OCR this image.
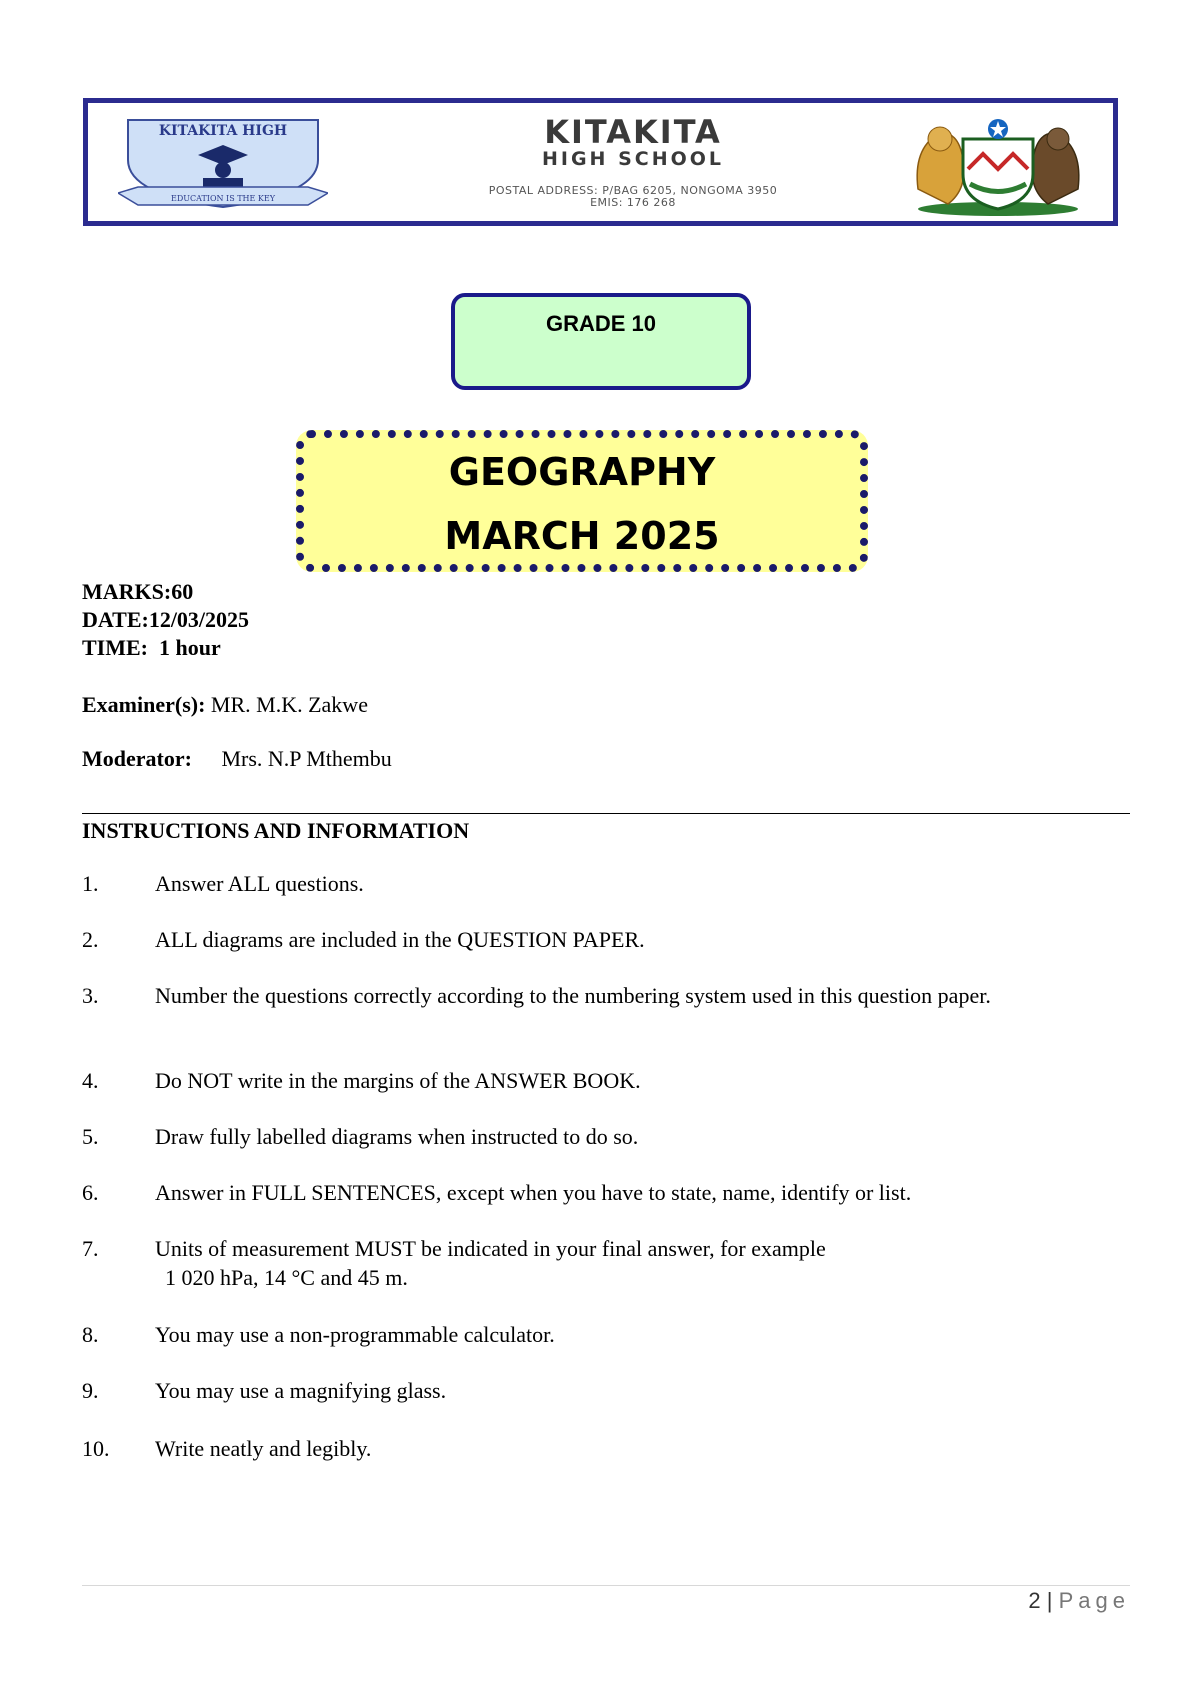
KITAKITA HIGH
EDUCATION IS THE KEY
KITAKITA
HIGH SCHOOL
POSTAL ADDRESS: P/BAG 6205, NONGOMA 3950
EMIS: 176 268
GRADE 10
GEOGRAPHY
MARCH 2025
MARKS:60
DATE:12/03/2025
TIME:  1 hour
Examiner(s): MR. M.K. Zakwe
Moderator: Mrs. N.P Mthembu
INSTRUCTIONS AND INFORMATION
1.	Answer ALL questions.
2.	ALL diagrams are included in the QUESTION PAPER.
3.	Number the questions correctly according to the numbering system used in this question paper.
4.	Do NOT write in the margins of the ANSWER BOOK.
5.	Draw fully labelled diagrams when instructed to do so.
6.	Answer in FULL SENTENCES, except when you have to state, name, identify or list.
7.	Units of measurement MUST be indicated in your final answer, for example
1 020 hPa, 14 °C and 45 m.
8.	You may use a non-programmable calculator.
9.	You may use a magnifying glass.
10.	Write neatly and legibly.
2 | Page
